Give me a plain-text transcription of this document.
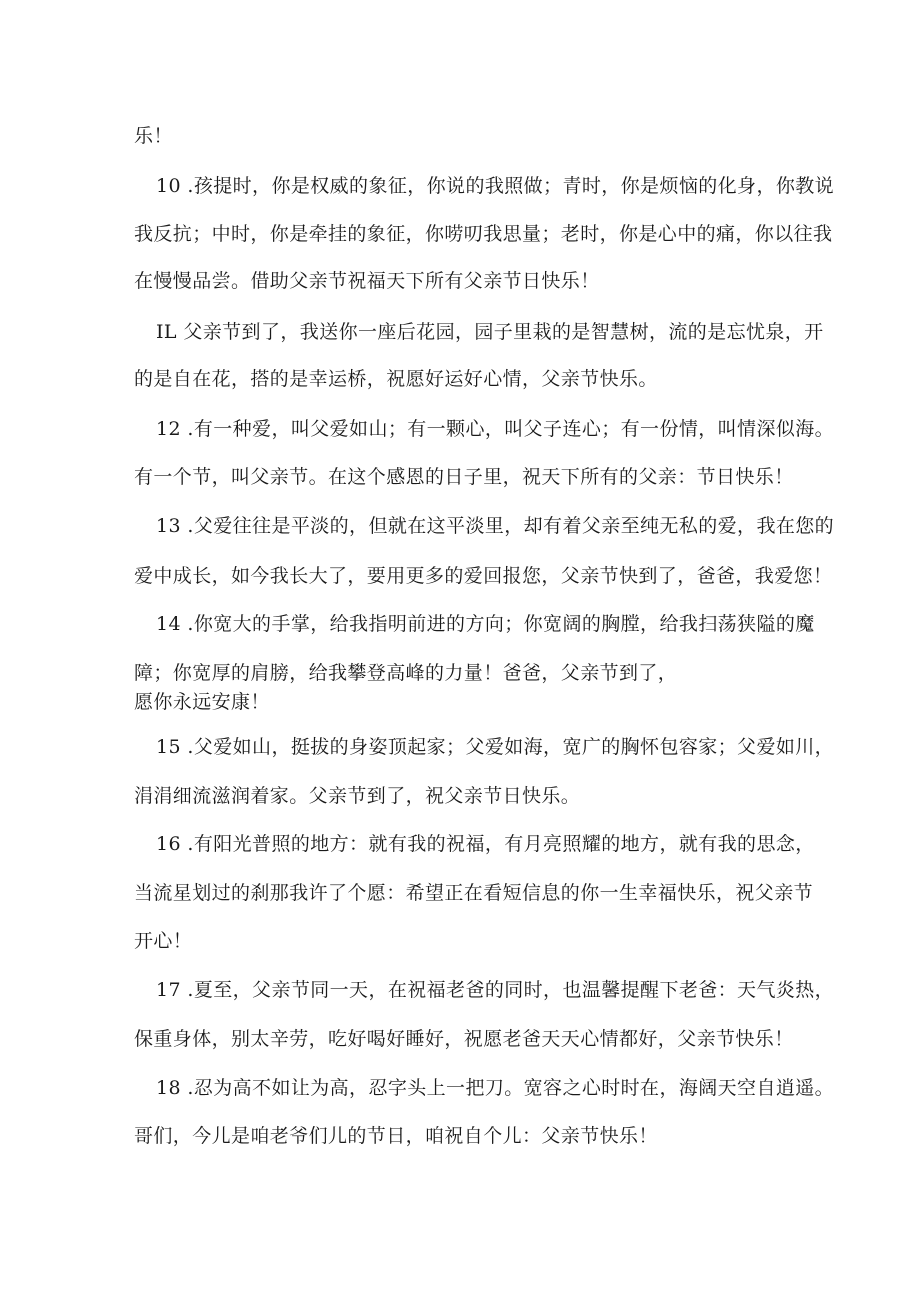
乐！
10 .孩提时，你是权威的象征，你说的我照做；青时，你是烦恼的化身，你教说
我反抗；中时，你是牵挂的象征，你唠叨我思量；老时，你是心中的痛，你以往我
在慢慢品尝。借助父亲节祝福天下所有父亲节日快乐！
IL 父亲节到了，我送你一座后花园，园子里栽的是智慧树，流的是忘忧泉，开
的是自在花，搭的是幸运桥，祝愿好运好心情，父亲节快乐。
12 .有一种爱，叫父爱如山；有一颗心，叫父子连心；有一份情，叫情深似海。
有一个节，叫父亲节。在这个感恩的日子里，祝天下所有的父亲：节日快乐！
13 .父爱往往是平淡的，但就在这平淡里，却有着父亲至纯无私的爱，我在您的
爱中成长，如今我长大了，要用更多的爱回报您，父亲节快到了，爸爸，我爱您！
14 .你宽大的手掌，给我指明前进的方向；你宽阔的胸膛，给我扫荡狭隘的魔
障；你宽厚的肩膀，给我攀登高峰的力量！爸爸，父亲节到了，
愿你永远安康！
15 .父爱如山，挺拔的身姿顶起家；父爱如海，宽广的胸怀包容家；父爱如川，
涓涓细流滋润着家。父亲节到了，祝父亲节日快乐。
16 .有阳光普照的地方：就有我的祝福，有月亮照耀的地方，就有我的思念，
当流星划过的刹那我许了个愿：希望正在看短信息的你一生幸福快乐，祝父亲节
开心！
17 .夏至，父亲节同一天，在祝福老爸的同时，也温馨提醒下老爸：天气炎热，
保重身体，别太辛劳，吃好喝好睡好，祝愿老爸天天心情都好，父亲节快乐！
18 .忍为高不如让为高，忍字头上一把刀。宽容之心时时在，海阔天空自逍遥。
哥们，今儿是咱老爷们儿的节日，咱祝自个儿：父亲节快乐！
